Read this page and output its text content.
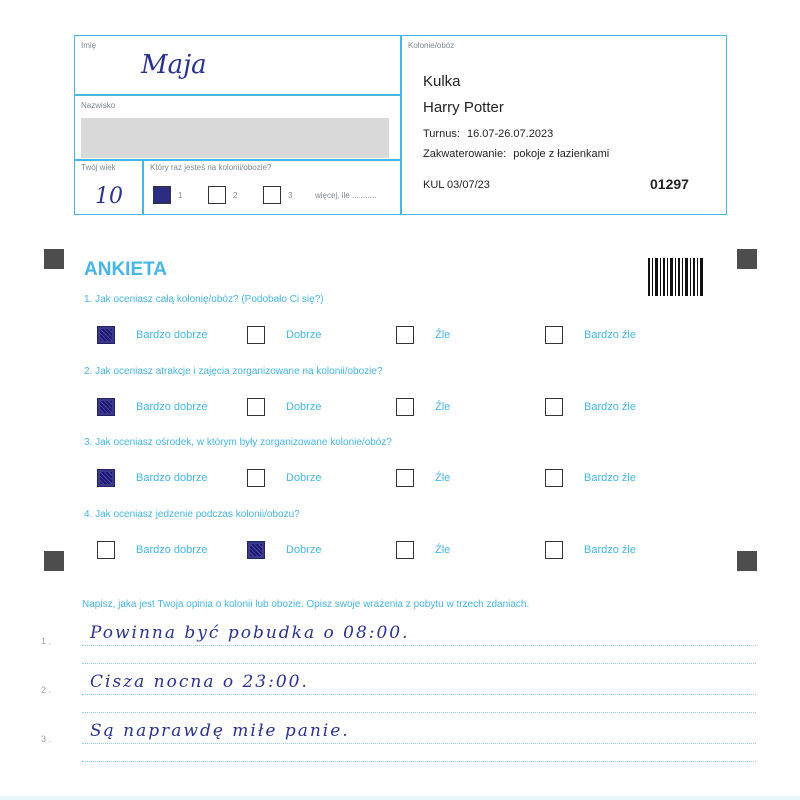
Imię
Maja
Nazwisko
Twój wiek
10
Który raz jesteś na kolonii/obozie?
1	2	3	więcej, ile ...........
Kolonie/obóz
Kulka
Harry Potter
Turnus: 16.07-26.07.2023
Zakwaterowanie: pokoje z łazienkami
KUL 03/07/23	01297
ANKIETA
1. Jak oceniasz całą kolonię/obóz? (Podobało Ci się?)
Bardzo dobrze	Dobrze	Źle	Bardzo źle
2. Jak oceniasz atrakcje i zajęcia zorganizowane na kolonii/obozie?
Bardzo dobrze	Dobrze	Źle	Bardzo źle
3. Jak oceniasz ośrodek, w którym były zorganizowane kolonie/obóz?
Bardzo dobrze	Dobrze	Źle	Bardzo źle
4. Jak oceniasz jedzenie podczas kolonii/obozu?
Bardzo dobrze	Dobrze	Źle	Bardzo źle
Napisz, jaka jest Twoja opinia o kolonii lub obozie. Opisz swoje wrażenia z pobytu w trzech zdaniach.
1 . Powinna być pobudka o 08:00.
2 . Cisza nocna o 23:00.
3 . Są naprawdę miłe panie.
